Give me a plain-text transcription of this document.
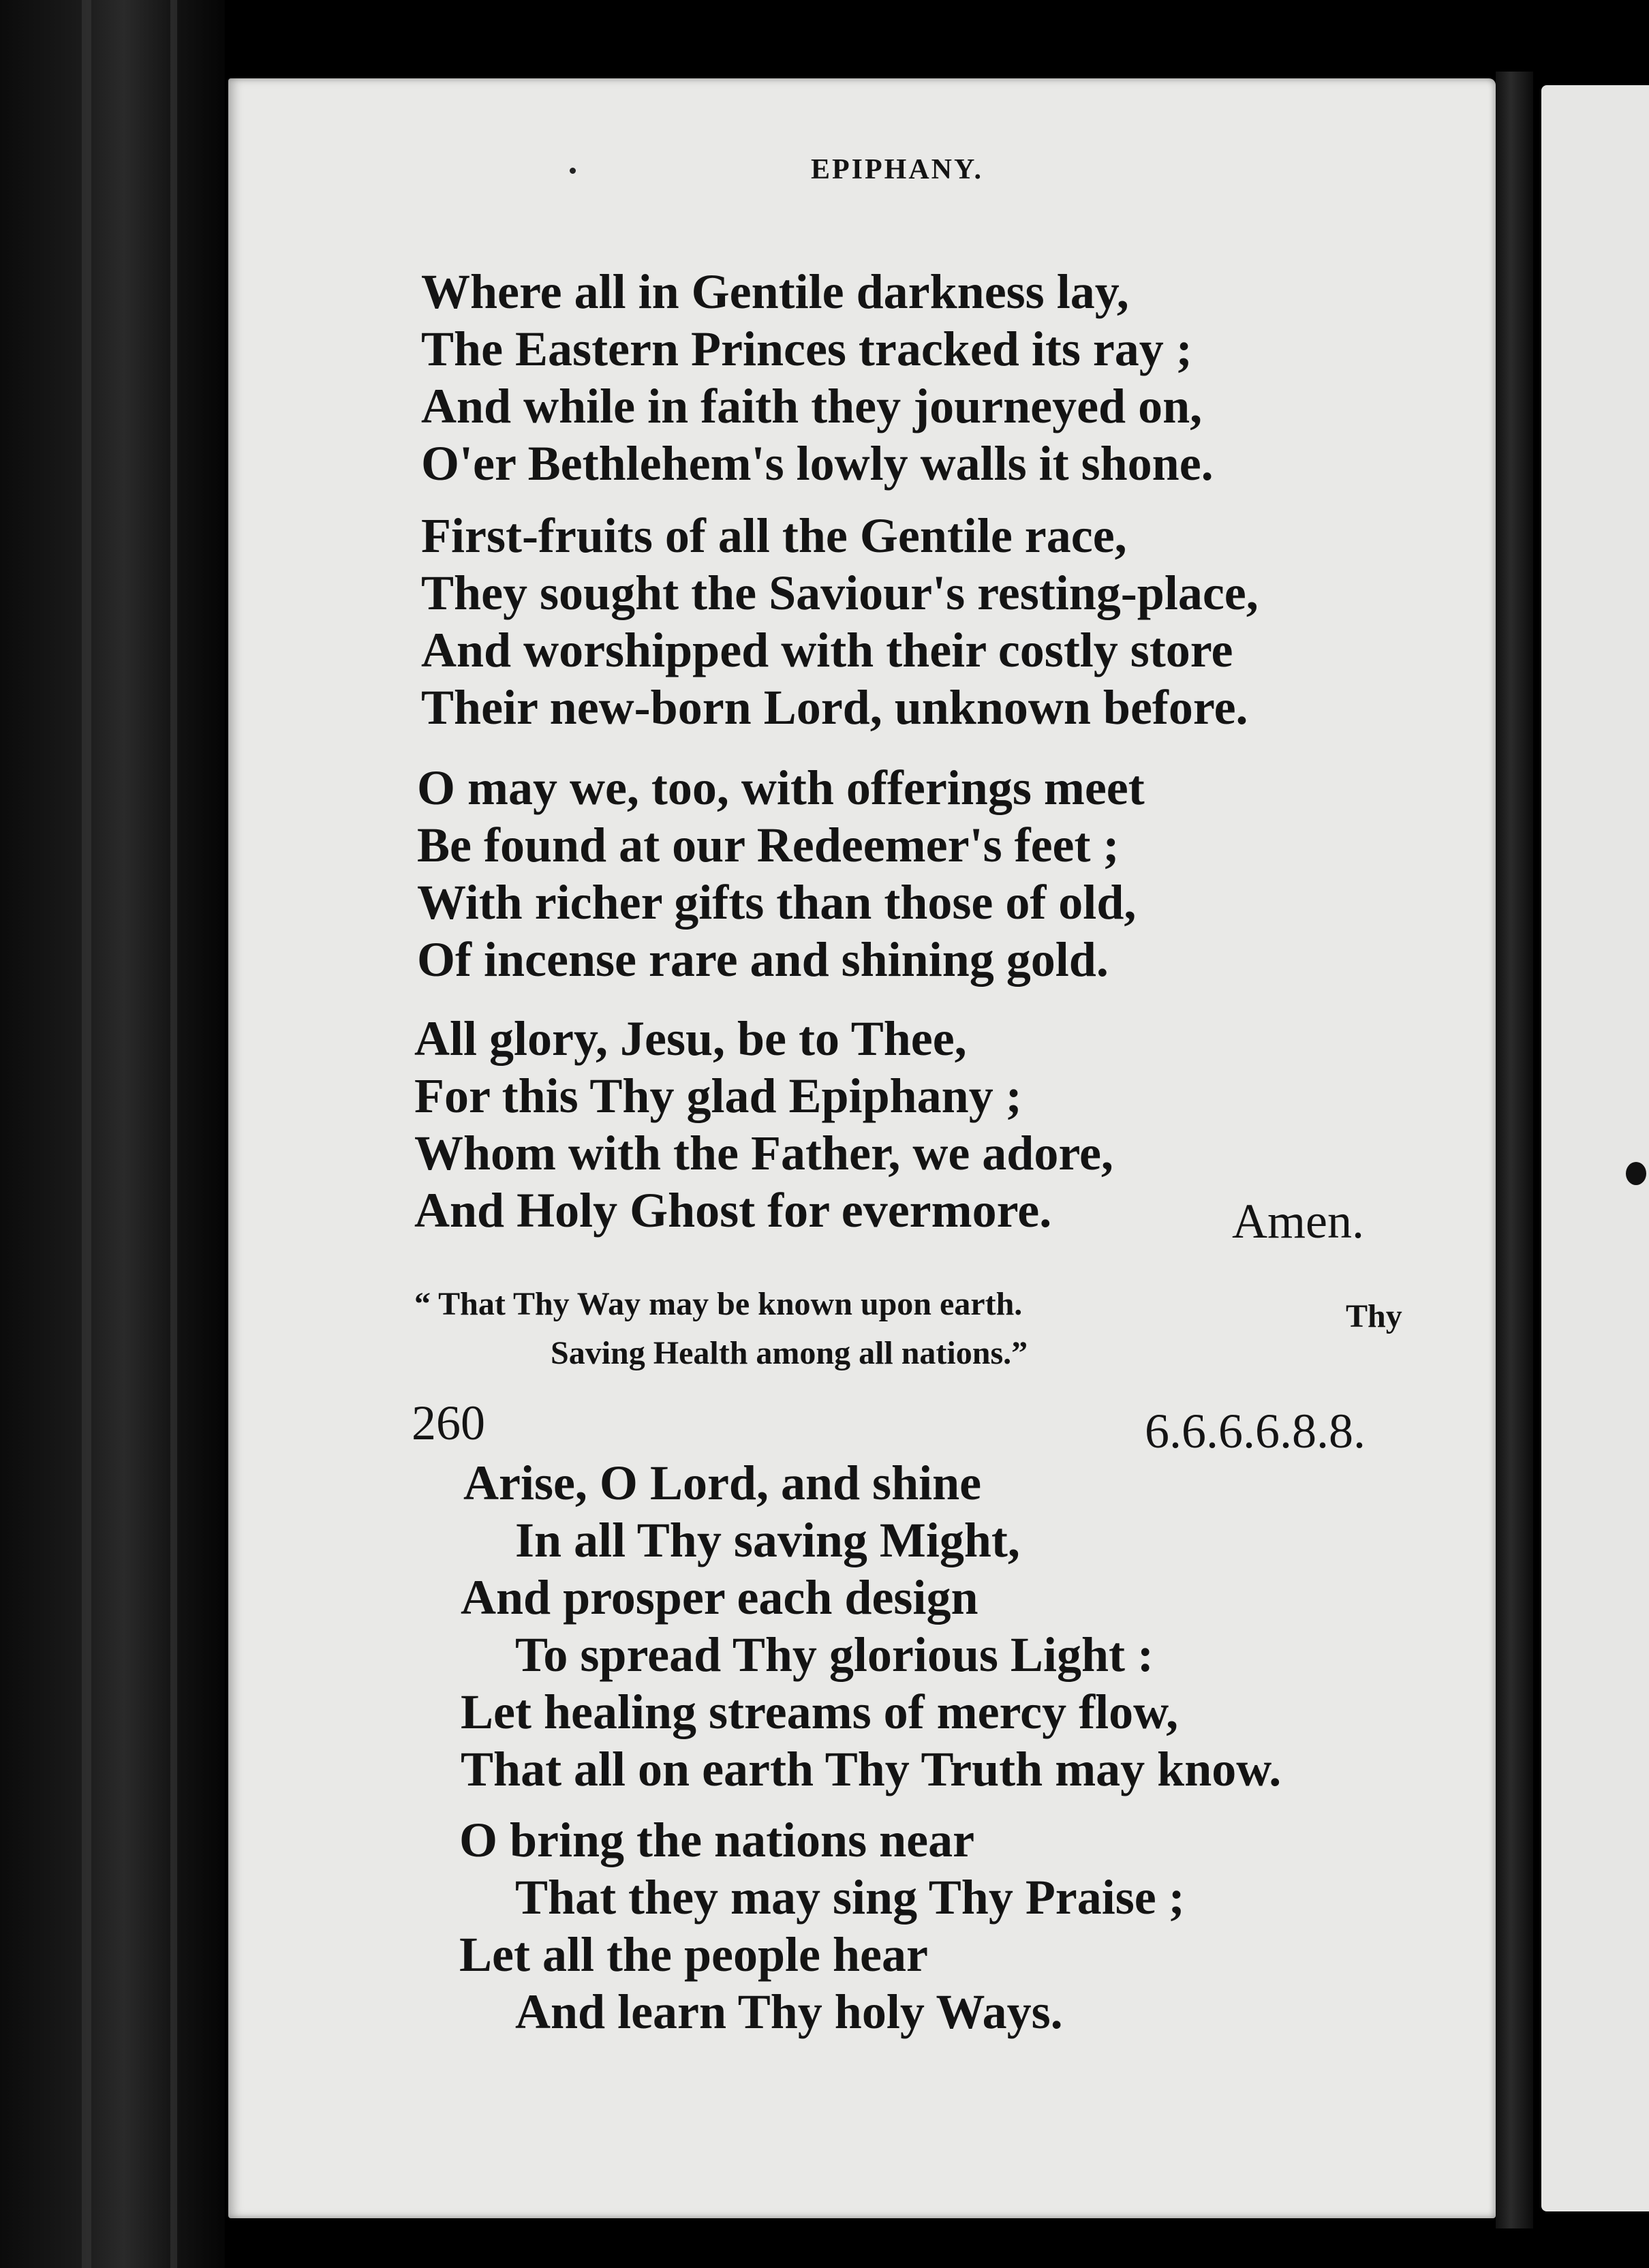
EPIPHANY.
Where all in Gentile darkness lay,
The Eastern Princes tracked its ray ;
And while in faith they journeyed on,
O'er Bethlehem's lowly walls it shone.
First-fruits of all the Gentile race,
They sought the Saviour's resting-place,
And worshipped with their costly store
Their new-born Lord, unknown before.
O may we, too, with offerings meet
Be found at our Redeemer's feet ;
With richer gifts than those of old,
Of incense rare and shining gold.
All glory, Jesu, be to Thee,
For this Thy glad Epiphany ;
Whom with the Father, we adore,
And Holy Ghost for evermore.	Amen.
“ That Thy Way may be known upon earth.	Thy
Saving Health among all nations.”
260	6.6.6.6.8.8.
Arise, O Lord, and shine
In all Thy saving Might,
And prosper each design
To spread Thy glorious Light :
Let healing streams of mercy flow,
That all on earth Thy Truth may know.
O bring the nations near
That they may sing Thy Praise ;
Let all the people hear
And learn Thy holy Ways.
